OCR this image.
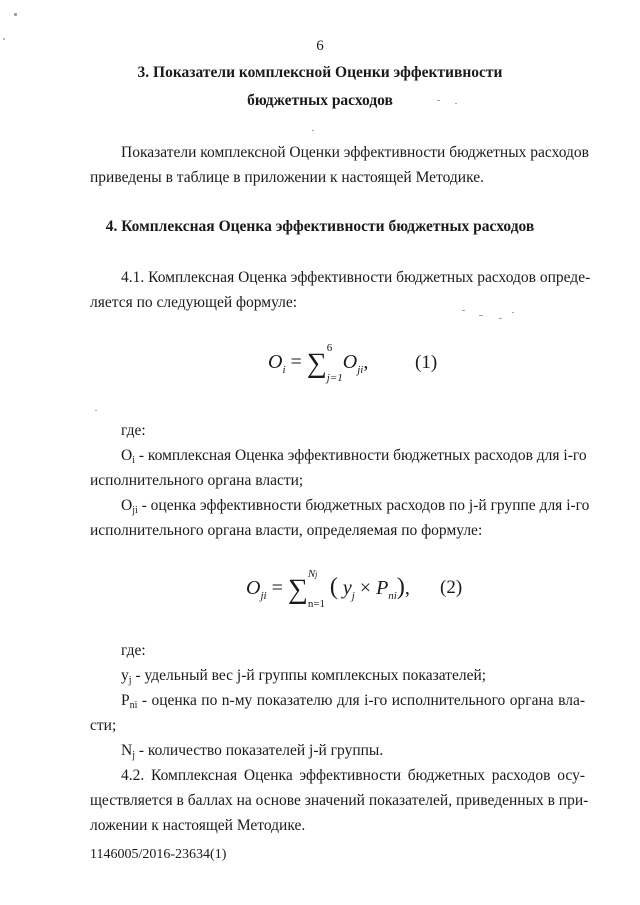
6
3. Показатели комплексной Оценки эффективности
бюджетных расходов
Показатели комплексной Оценки эффективности бюджетных расходов
приведены в таблице в приложении к настоящей Методике.
4. Комплексная Оценка эффективности бюджетных расходов
4.1. Комплексная Оценка эффективности бюджетных расходов опреде-
ляется по следующей формуле:
$O_i$ = ∑ 6
j=1
$O_{ji}$, (1)
где:
$O_i$ - комплексная Оценка эффективности бюджетных расходов для i-го
исполнительного органа власти;
$O_{ji}$ - оценка эффективности бюджетных расходов по j-й группе для i-го
исполнительного органа власти, определяемая по формуле:
$O_{ji}$ = ∑ Nj
n=1
( $y_j \times P_{ni}$), (2)
где:
$y_j$ - удельный вес j-й группы комплексных показателей;
$P_{ni}$ - оценка по n-му показателю для i-го исполнительного органа вла-
сти;
$N_j$ - количество показателей j-й группы.
4.2. Комплексная Оценка эффективности бюджетных расходов осу-
ществляется в баллах на основе значений показателей, приведенных в при-
ложении к настоящей Методике.
1146005/2016-23634(1)
